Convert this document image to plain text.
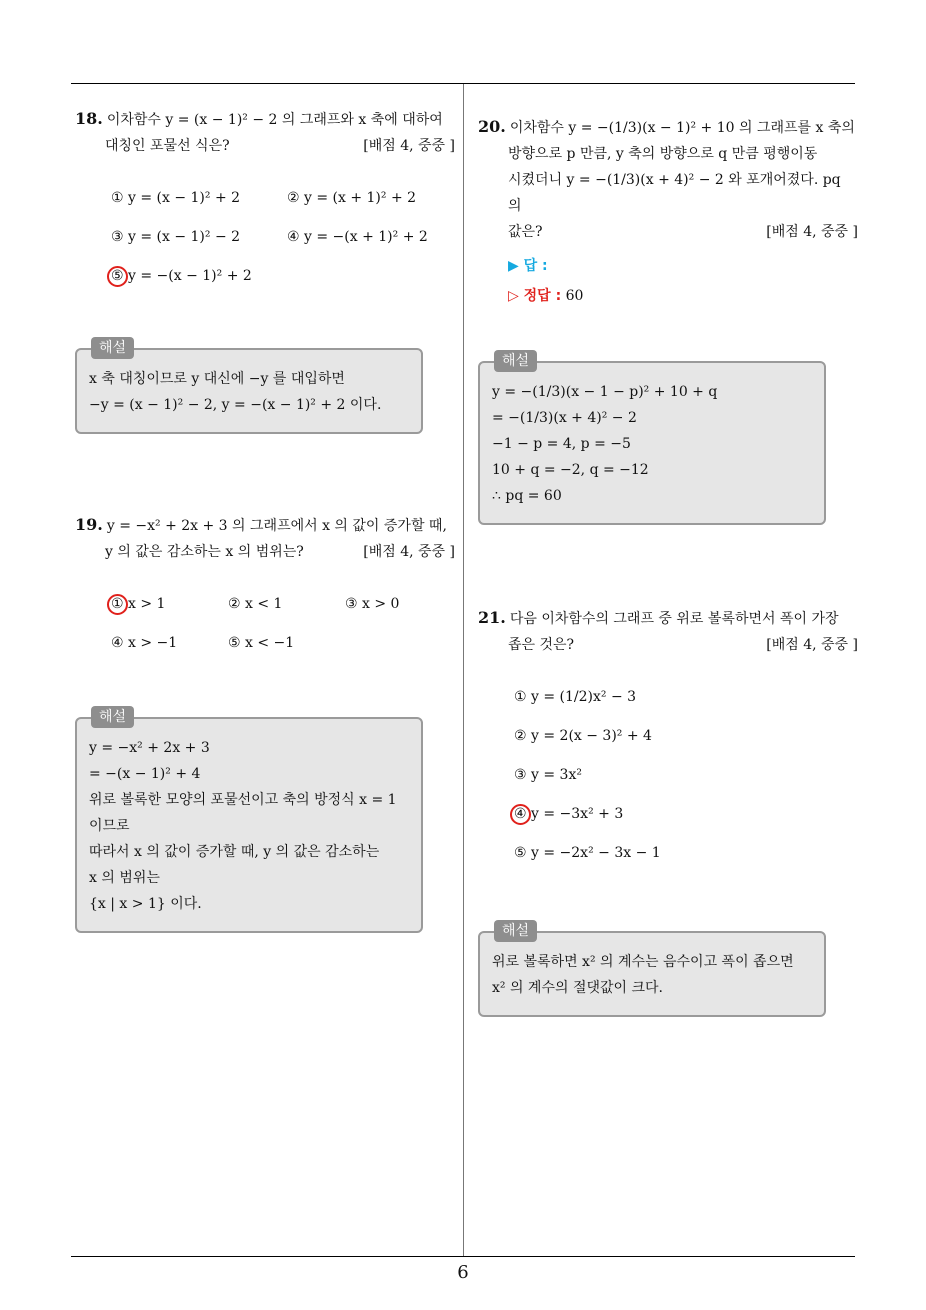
18. 이차함수 y = (x − 1)² − 2 의 그래프와 x 축에 대하여
대칭인 포물선 식은?	[배점 4, 중중 ]
① y = (x − 1)² + 2	② y = (x + 1)² + 2
③ y = (x − 1)² − 2	④ y = −(x + 1)² + 2
⑤ y = −(x − 1)² + 2
해설
x 축 대칭이므로 y 대신에 −y 를 대입하면
−y = (x − 1)² − 2, y = −(x − 1)² + 2 이다.
19. y = −x² + 2x + 3 의 그래프에서 x 의 값이 증가할 때,
y 의 값은 감소하는 x 의 범위는?	[배점 4, 중중 ]
① x > 1	② x < 1	③ x > 0
④ x > −1	⑤ x < −1
해설
y = −x² + 2x + 3
= −(x − 1)² + 4
위로 볼록한 모양의 포물선이고 축의 방정식 x = 1
이므로
따라서 x 의 값이 증가할 때, y 의 값은 감소하는
x 의 범위는
{x | x > 1} 이다.
20. 이차함수 y = −(1/3)(x − 1)² + 10 의 그래프를 x 축의
방향으로 p 만큼, y 축의 방향으로 q 만큼 평행이동
시켰더니 y = −(1/3)(x + 4)² − 2 와 포개어졌다. pq 의
값은?	[배점 4, 중중 ]
▶ 답 :
▷ 정답 : 60
해설
y = −(1/3)(x − 1 − p)² + 10 + q
= −(1/3)(x + 4)² − 2
−1 − p = 4, p = −5
10 + q = −2, q = −12
∴ pq = 60
21. 다음 이차함수의 그래프 중 위로 볼록하면서 폭이 가장
좁은 것은?	[배점 4, 중중 ]
① y = (1/2)x² − 3
② y = 2(x − 3)² + 4
③ y = 3x²
④ y = −3x² + 3
⑤ y = −2x² − 3x − 1
해설
위로 볼록하면 x² 의 계수는 음수이고 폭이 좁으면
x² 의 계수의 절댓값이 크다.
6
